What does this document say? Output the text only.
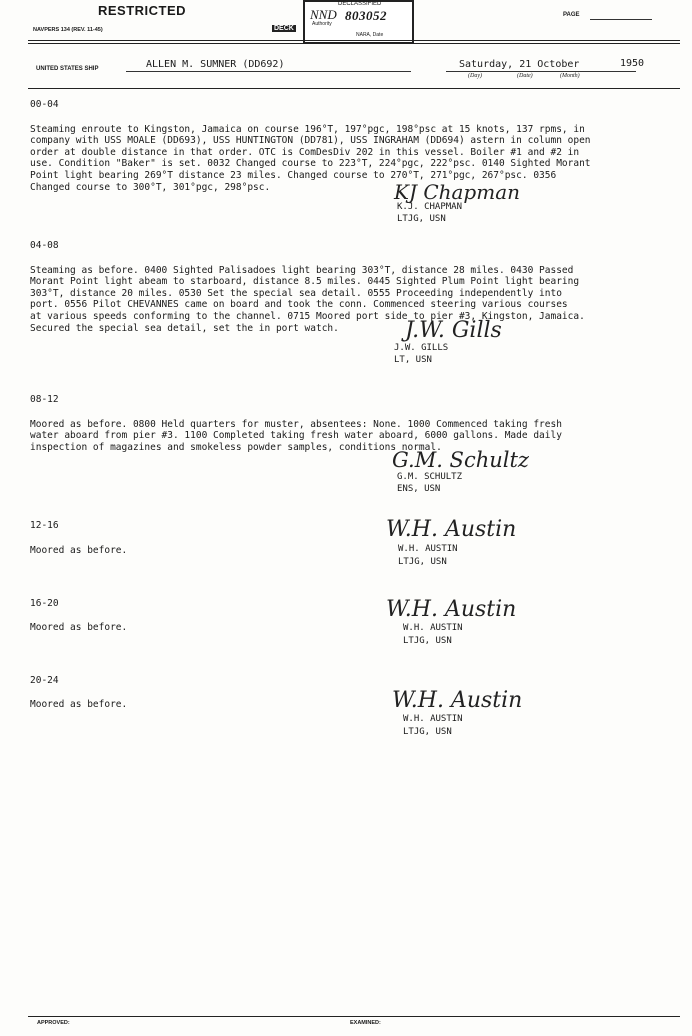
RESTRICTED
NAVPERS 134 (REV. 11-45)
PAGE
DECK
DECLASSIFIED
NND 803052
Authority
NARA, Date
UNITED STATES SHIP	ALLEN M. SUMNER (DD692)	Saturday, 21 October	1950
(Day)	(Date)	(Month)
00-04

Steaming enroute to Kingston, Jamaica on course 196°T, 197°pgc, 198°psc at 15 knots, 137 rpms, in
company with USS MOALE (DD693), USS HUNTINGTON (DD781), USS INGRAHAM (DD694) astern in column open
order at double distance in that order. OTC is ComDesDiv 202 in this vessel. Boiler #1 and #2 in
use. Condition "Baker" is set. 0032 Changed course to 223°T, 224°pgc, 222°psc. 0140 Sighted Morant
Point light bearing 269°T distance 23 miles. Changed course to 270°T, 271°pgc, 267°psc. 0356
Changed course to 300°T, 301°pgc, 298°psc.	KJ Chapman
K.J. CHAPMAN
LTJG, USN
04-08

Steaming as before. 0400 Sighted Palisadoes light bearing 303°T, distance 28 miles. 0430 Passed
Morant Point light abeam to starboard, distance 8.5 miles. 0445 Sighted Plum Point light bearing
303°T, distance 20 miles. 0530 Set the special sea detail. 0555 Proceeding independently into
port. 0556 Pilot CHEVANNES came on board and took the conn. Commenced steering various courses
at various speeds conforming to the channel. 0715 Moored port side to pier #3, Kingston, Jamaica.
Secured the special sea detail, set the in port watch.	J.W. Gills
J.W. GILLS
LT, USN
08-12

Moored as before. 0800 Held quarters for muster, absentees: None. 1000 Commenced taking fresh
water aboard from pier #3. 1100 Completed taking fresh water aboard, 6000 gallons. Made daily
inspection of magazines and smokeless powder samples, conditions normal.

G.M. Schultz
G.M. SCHULTZ
ENS, USN
12-16

Moored as before.

W.H. Austin
W.H. AUSTIN
LTJG, USN
16-20

Moored as before.

W.H. Austin
W.H. AUSTIN
LTJG, USN
20-24

Moored as before.	W.H. Austin
W.H. AUSTIN
LTJG, USN
APPROVED:	EXAMINED:
